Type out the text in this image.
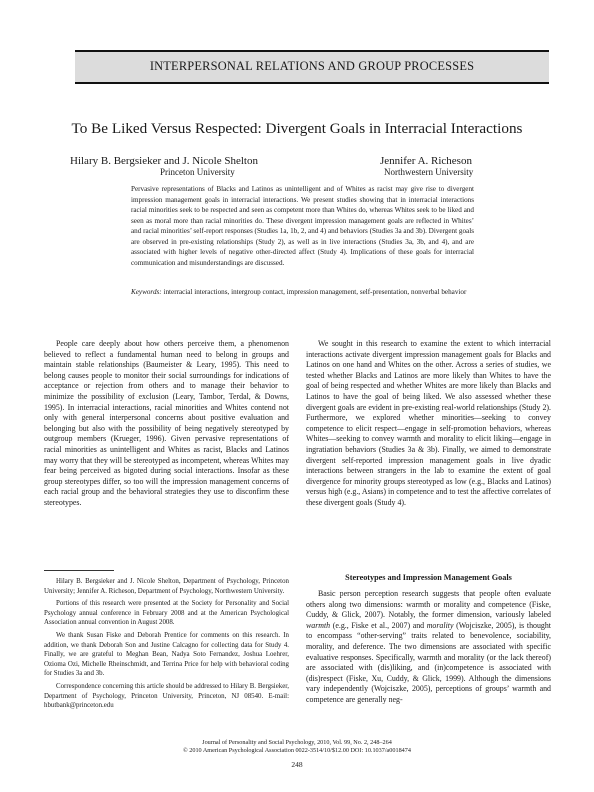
INTERPERSONAL RELATIONS AND GROUP PROCESSES
To Be Liked Versus Respected: Divergent Goals in Interracial Interactions
Hilary B. Bergsieker and J. Nicole Shelton
Princeton University
Jennifer A. Richeson
Northwestern University
Pervasive representations of Blacks and Latinos as unintelligent and of Whites as racist may give rise to divergent impression management goals in interracial interactions. We present studies showing that in interracial interactions racial minorities seek to be respected and seen as competent more than Whites do, whereas Whites seek to be liked and seen as moral more than racial minorities do. These divergent impression management goals are reflected in Whites’ and racial minorities’ self-report responses (Studies 1a, 1b, 2, and 4) and behaviors (Studies 3a and 3b). Divergent goals are observed in pre-existing relationships (Study 2), as well as in live interactions (Studies 3a, 3b, and 4), and are associated with higher levels of negative other-directed affect (Study 4). Implications of these goals for interracial communication and misunderstandings are discussed.
Keywords: interracial interactions, intergroup contact, impression management, self-presentation, nonverbal behavior

People care deeply about how others perceive them, a phenomenon believed to reflect a fundamental human need to belong in groups and maintain stable relationships (Baumeister & Leary, 1995). This need to belong causes people to monitor their social surroundings for indications of acceptance or rejection from others and to manage their behavior to minimize the possibility of exclusion (Leary, Tambor, Terdal, & Downs, 1995). In interracial interactions, racial minorities and Whites contend not only with general interpersonal concerns about positive evaluation and belonging but also with the possibility of being negatively stereotyped by outgroup members (Krueger, 1996). Given pervasive representations of racial minorities as unintelligent and Whites as racist, Blacks and Latinos may worry that they will be stereotyped as incompetent, whereas Whites may fear being perceived as bigoted during social interactions. Insofar as these group stereotypes differ, so too will the impression management concerns of each racial group and the behavioral strategies they use to disconfirm these stereotypes.

We sought in this research to examine the extent to which interracial interactions activate divergent impression management goals for Blacks and Latinos on one hand and Whites on the other. Across a series of studies, we tested whether Blacks and Latinos are more likely than Whites to have the goal of being respected and whether Whites are more likely than Blacks and Latinos to have the goal of being liked. We also assessed whether these divergent goals are evident in pre-existing real-world relationships (Study 2). Furthermore, we explored whether minorities—seeking to convey competence to elicit respect—engage in self-promotion behaviors, whereas Whites—seeking to convey warmth and morality to elicit liking—engage in ingratiation behaviors (Studies 3a & 3b). Finally, we aimed to demonstrate divergent self-reported impression management goals in live dyadic interactions between strangers in the lab to examine the extent of goal divergence for minority groups stereotyped as low (e.g., Blacks and Latinos) versus high (e.g., Asians) in competence and to test the affective correlates of these divergent goals (Study 4).

Hilary B. Bergsieker and J. Nicole Shelton, Department of Psychology, Princeton University; Jennifer A. Richeson, Department of Psychology, Northwestern University.

Portions of this research were presented at the Society for Personality and Social Psychology annual conference in February 2008 and at the American Psychological Association annual convention in August 2008.

We thank Susan Fiske and Deborah Prentice for comments on this research. In addition, we thank Deborah Son and Justine Calcagno for collecting data for Study 4. Finally, we are grateful to Meghan Bean, Nadya Soto Fernandez, Joshua Loehrer, Ozioma Ozi, Michelle Rheinschmidt, and Terrina Price for help with behavioral coding for Studies 3a and 3b.

Correspondence concerning this article should be addressed to Hilary B. Bergsieker, Department of Psychology, Princeton University, Princeton, NJ 08540. E-mail: hbutbank@princeton.edu

Stereotypes and Impression Management Goals

Basic person perception research suggests that people often evaluate others along two dimensions: warmth or morality and competence (Fiske, Cuddy, & Glick, 2007). Notably, the former dimension, variously labeled warmth (e.g., Fiske et al., 2007) and morality (Wojciszke, 2005), is thought to encompass “other-serving” traits related to benevolence, sociability, morality, and deference. The two dimensions are associated with specific evaluative responses. Specifically, warmth and morality (or the lack thereof) are associated with (dis)liking, and (in)competence is associated with (dis)respect (Fiske, Xu, Cuddy, & Glick, 1999). Although the dimensions vary independently (Wojciszke, 2005), perceptions of groups’ warmth and competence are generally neg-

Journal of Personality and Social Psychology, 2010, Vol. 99, No. 2, 248–264
© 2010 American Psychological Association 0022-3514/10/$12.00 DOI: 10.1037/a0018474
248
